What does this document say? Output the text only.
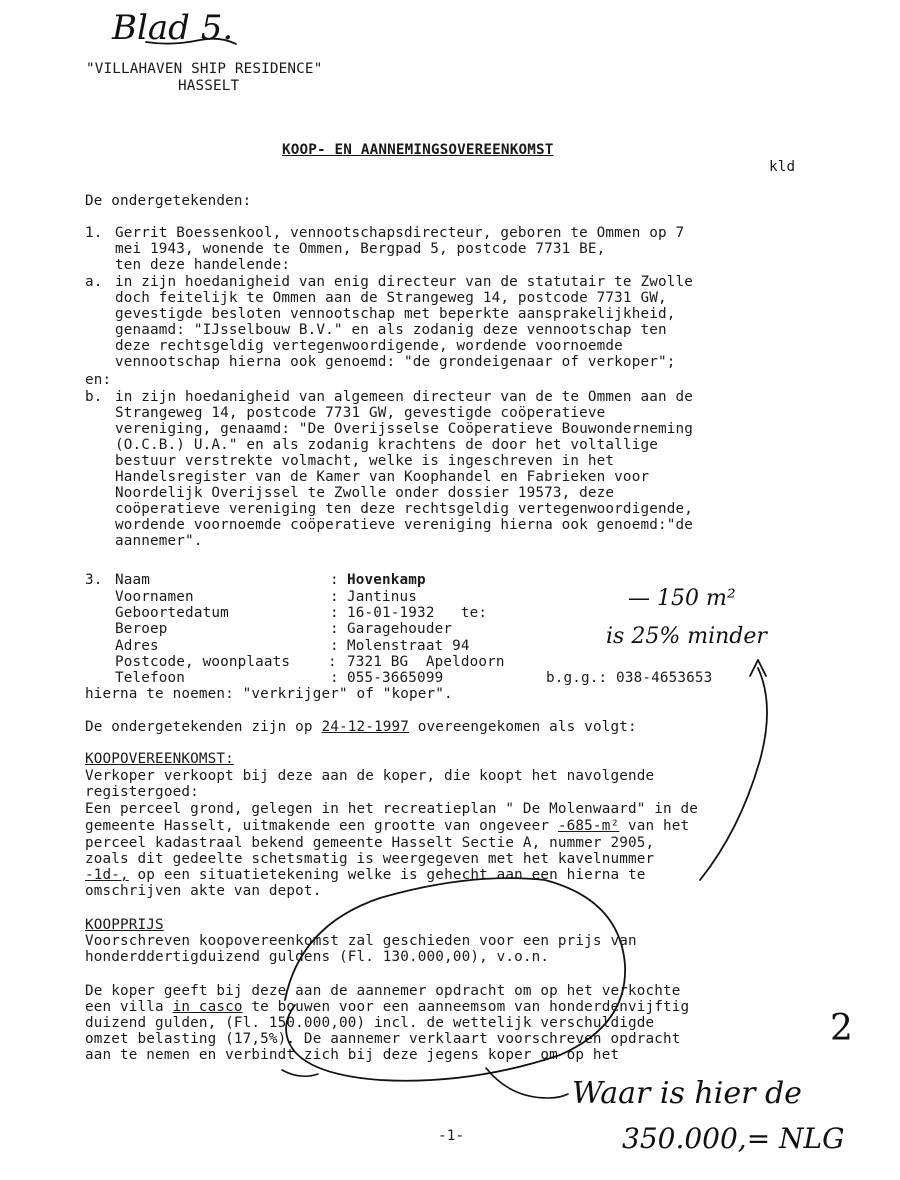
Blad 5.
"VILLAHAVEN SHIP RESIDENCE"
HASSELT
KOOP- EN AANNEMINGSOVEREENKOMST
kld
De ondergetekenden:
1. Gerrit Boessenkool, vennootschapsdirecteur, geboren te Ommen op 7
mei 1943, wonende te Ommen, Bergpad 5, postcode 7731 BE,
ten deze handelende:
a. in zijn hoedanigheid van enig directeur van de statutair te Zwolle
doch feitelijk te Ommen aan de Strangeweg 14, postcode 7731 GW,
gevestigde besloten vennootschap met beperkte aansprakelijkheid,
genaamd: "IJsselbouw B.V." en als zodanig deze vennootschap ten
deze rechtsgeldig vertegenwoordigende, wordende voornoemde
vennootschap hierna ook genoemd: "de grondeigenaar of verkoper";
en:
b. in zijn hoedanigheid van algemeen directeur van de te Ommen aan de
Strangeweg 14, postcode 7731 GW, gevestigde coöperatieve
vereniging, genaamd: "De Overijsselse Coöperatieve Bouwonderneming
(O.C.B.) U.A." en als zodanig krachtens de door het voltallige
bestuur verstrekte volmacht, welke is ingeschreven in het
Handelsregister van de Kamer van Koophandel en Fabrieken voor
Noordelijk Overijssel te Zwolle onder dossier 19573, deze
coöperatieve vereniging ten deze rechtsgeldig vertegenwoordigende,
wordende voornoemde coöperatieve vereniging hierna ook genoemd:"de
aannemer".
3. Naam	: Hovenkamp
Voornamen	: Jantinus
Geboortedatum	: 16-01-1932   te:
Beroep	: Garagehouder
Adres	: Molenstraat 94
Postcode, woonplaats	: 7321 BG  Apeldoorn
Telefoon	: 055-3665099	b.g.g.: 038-4653653
hierna te noemen: "verkrijger" of "koper".
— 150 m²
is 25% minder
De ondergetekenden zijn op 24-12-1997 overeengekomen als volgt:
KOOPOVEREENKOMST:
Verkoper verkoopt bij deze aan de koper, die koopt het navolgende
registergoed:
Een perceel grond, gelegen in het recreatieplan " De Molenwaard" in de
gemeente Hasselt, uitmakende een grootte van ongeveer -685-m² van het
perceel kadastraal bekend gemeente Hasselt Sectie A, nummer 2905,
zoals dit gedeelte schetsmatig is weergegeven met het kavelnummer
-1d-, op een situatietekening welke is gehecht aan een hierna te
omschrijven akte van depot.
KOOPPRIJS
Voorschreven koopovereenkomst zal geschieden voor een prijs van
honderddertigduizend guldens (Fl. 130.000,00), v.o.n.
De koper geeft bij deze aan de aannemer opdracht om op het verkochte
een villa in casco te bouwen voor een aanneemsom van honderdenvijftig
duizend gulden, (Fl. 150.000,00) incl. de wettelijk verschuldigde
omzet belasting (17,5%). De aannemer verklaart voorschreven opdracht
aan te nemen en verbindt zich bij deze jegens koper om op het
2
Waar is hier de
350.000,= NLG
-1-
